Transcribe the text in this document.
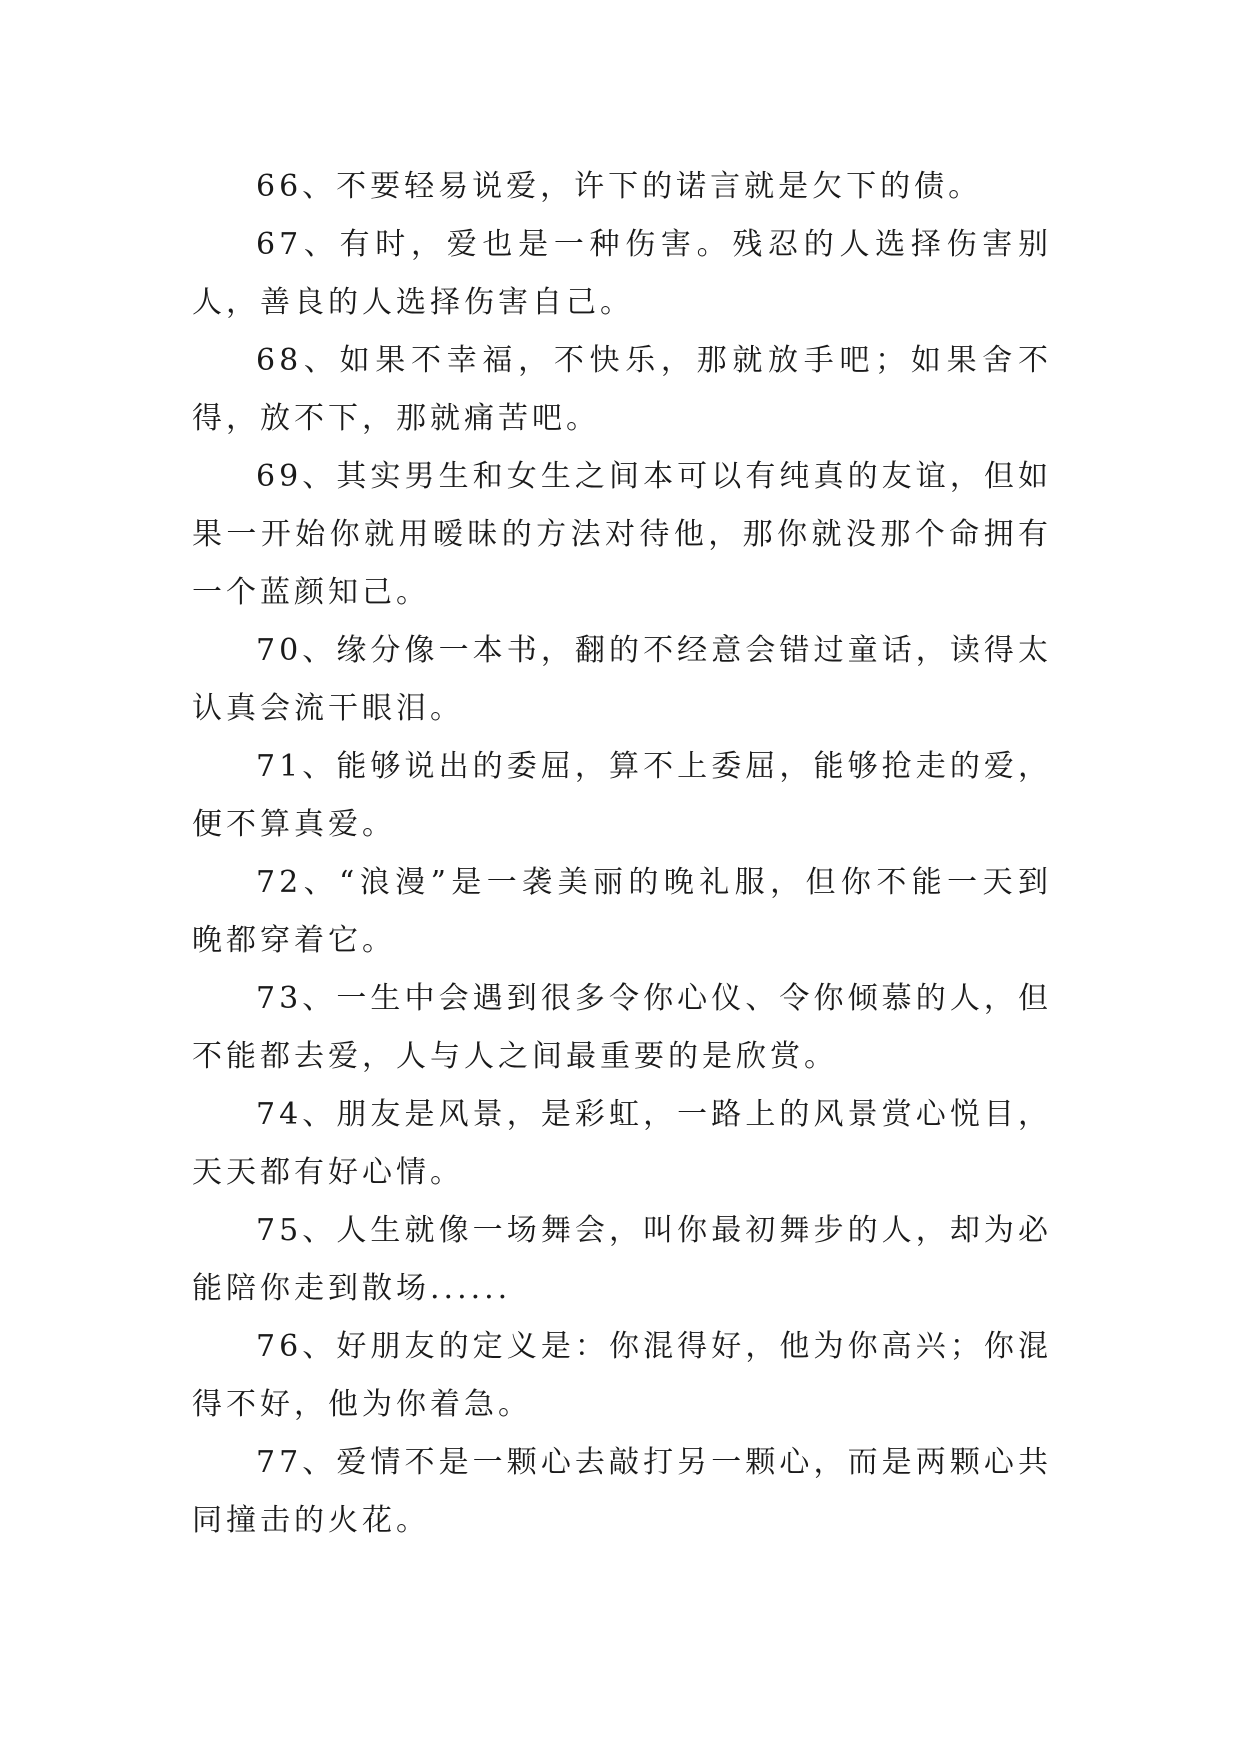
66、不要轻易说爱，许下的诺言就是欠下的债。

67、有时，爱也是一种伤害。残忍的人选择伤害别人，善良的人选择伤害自己。

68、如果不幸福，不快乐，那就放手吧；如果舍不得，放不下，那就痛苦吧。

69、其实男生和女生之间本可以有纯真的友谊，但如果一开始你就用暧昧的方法对待他，那你就没那个命拥有一个蓝颜知己。

70、缘分像一本书，翻的不经意会错过童话，读得太认真会流干眼泪。

71、能够说出的委屈，算不上委屈，能够抢走的爱，便不算真爱。

72、“浪漫”是一袭美丽的晚礼服，但你不能一天到晚都穿着它。

73、一生中会遇到很多令你心仪、令你倾慕的人，但不能都去爱，人与人之间最重要的是欣赏。

74、朋友是风景，是彩虹，一路上的风景赏心悦目，天天都有好心情。

75、人生就像一场舞会，叫你最初舞步的人，却为必能陪你走到散场......

76、好朋友的定义是：你混得好，他为你高兴；你混得不好，他为你着急。

77、爱情不是一颗心去敲打另一颗心，而是两颗心共同撞击的火花。
